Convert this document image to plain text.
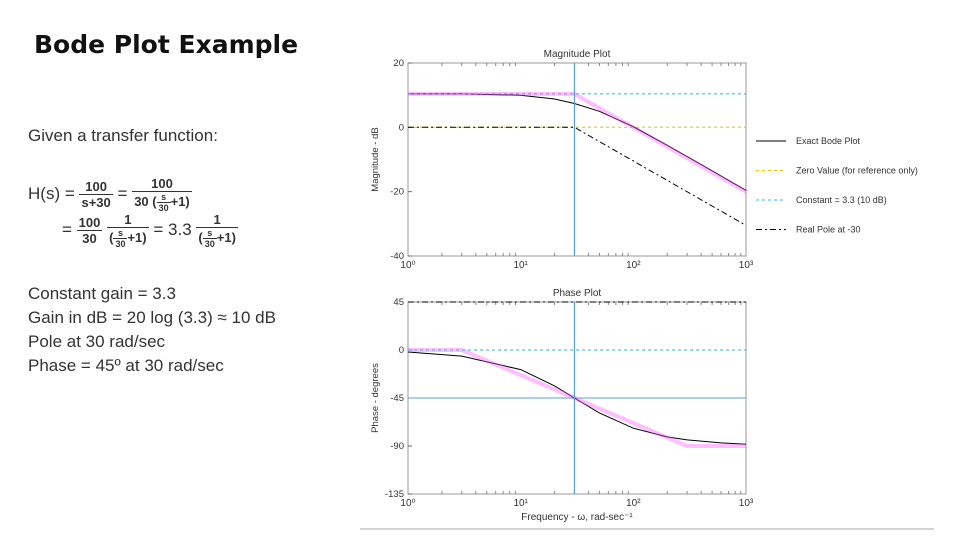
Bode Plot Example
Given a transfer function:
$H(s) = \frac{100}{s+30} = \frac{100}{30 ( \frac{s}{30} +1)}$
= $\frac{100}{30}$
$\frac{1}{( \frac{s}{30} +1)} = 3.3 \frac{1}{( \frac{s}{30} +1)}$
Constant gain = 3.3
Gain in dB = 20 log (3.3) ≈ 10 dB
Pole at 30 rad/sec
Phase = 45º at 30 rad/sec
20
0
-20
-40
10⁰	10¹	10²	10³
Magnitude Plot
Magnitude - dB
45
0
-45
-90
-135
10⁰	10¹	10²	10³
Phase Plot
Phase - degrees
Frequency - ω, rad-sec⁻¹
Exact Bode Plot
Zero Value (for reference only)
Constant = 3.3 (10 dB)
Real Pole at -30
